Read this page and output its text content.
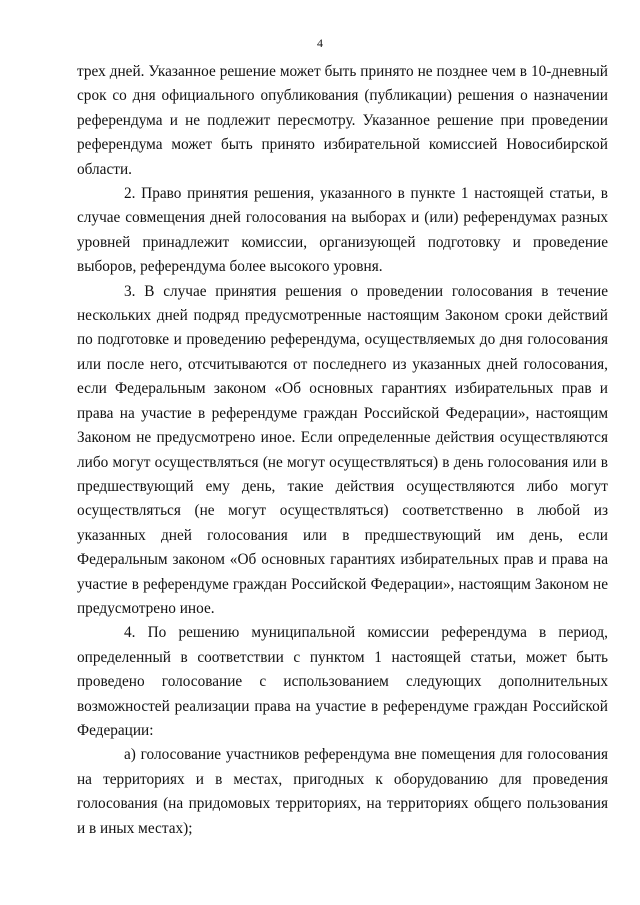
4

трех дней. Указанное решение может быть принято не позднее чем в 10-дневный срок со дня официального опубликования (публикации) решения о назначении референдума и не подлежит пересмотру. Указанное решение при проведении референдума может быть принято избирательной комиссией Новосибирской области.

2. Право принятия решения, указанного в пункте 1 настоящей статьи, в случае совмещения дней голосования на выборах и (или) референдумах разных уровней принадлежит комиссии, организующей подготовку и проведение выборов, референдума более высокого уровня.

3. В случае принятия решения о проведении голосования в течение нескольких дней подряд предусмотренные настоящим Законом сроки действий по подготовке и проведению референдума, осуществляемых до дня голосования или после него, отсчитываются от последнего из указанных дней голосования, если Федеральным законом «Об основных гарантиях избирательных прав и права на участие в референдуме граждан Российской Федерации», настоящим Законом не предусмотрено иное. Если определенные действия осуществляются либо могут осуществляться (не могут осуществляться) в день голосования или в предшествующий ему день, такие действия осуществляются либо могут осуществляться (не могут осуществляться) соответственно в любой из указанных дней голосования или в предшествующий им день, если Федеральным законом «Об основных гарантиях избирательных прав и права на участие в референдуме граждан Российской Федерации», настоящим Законом не предусмотрено иное.

4. По решению муниципальной комиссии референдума в период, определенный в соответствии с пунктом 1 настоящей статьи, может быть проведено голосование с использованием следующих дополнительных возможностей реализации права на участие в референдуме граждан Российской Федерации:

а) голосование участников референдума вне помещения для голосования на территориях и в местах, пригодных к оборудованию для проведения голосования (на придомовых территориях, на территориях общего пользования и в иных местах);
